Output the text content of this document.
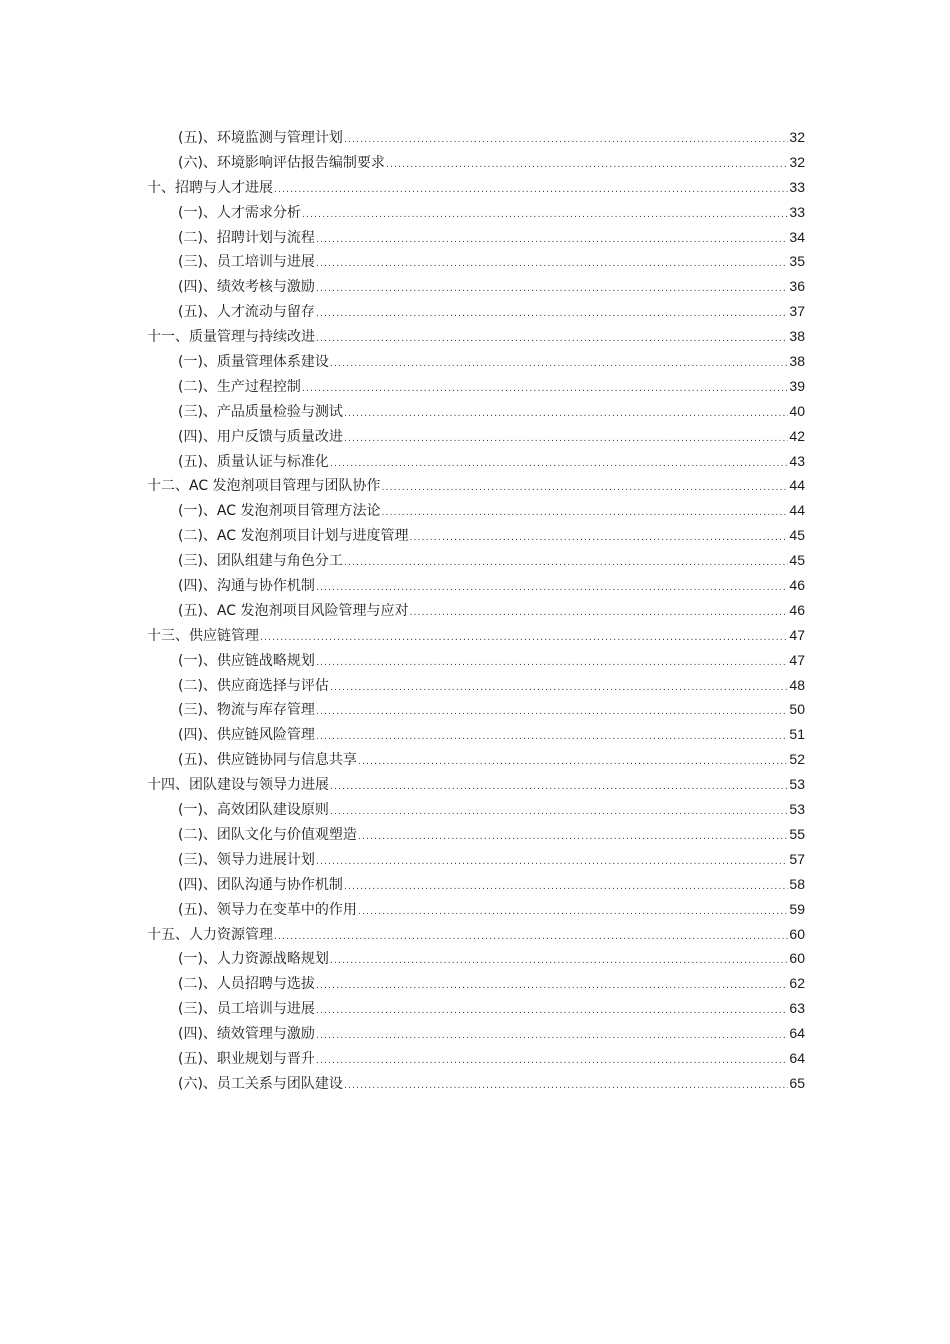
(五)、环境监测与管理计划 .....	32
(六)、环境影响评估报告编制要求 .....	32
十、招聘与人才进展 .....	33
(一)、人才需求分析 .....	33
(二)、招聘计划与流程 .....	34
(三)、员工培训与进展 .....	35
(四)、绩效考核与激励 .....	36
(五)、人才流动与留存 .....	37
十一、质量管理与持续改进 .....	38
(一)、质量管理体系建设 .....	38
(二)、生产过程控制 .....	39
(三)、产品质量检验与测试 .....	40
(四)、用户反馈与质量改进 .....	42
(五)、质量认证与标准化 .....	43
十二、AC 发泡剂项目管理与团队协作 .....	44
(一)、AC 发泡剂项目管理方法论 .....	44
(二)、AC 发泡剂项目计划与进度管理 .....	45
(三)、团队组建与角色分工 .....	45
(四)、沟通与协作机制 .....	46
(五)、AC 发泡剂项目风险管理与应对 .....	46
十三、供应链管理 .....	47
(一)、供应链战略规划 .....	47
(二)、供应商选择与评估 .....	48
(三)、物流与库存管理 .....	50
(四)、供应链风险管理 .....	51
(五)、供应链协同与信息共享 .....	52
十四、团队建设与领导力进展 .....	53
(一)、高效团队建设原则 .....	53
(二)、团队文化与价值观塑造 .....	55
(三)、领导力进展计划 .....	57
(四)、团队沟通与协作机制 .....	58
(五)、领导力在变革中的作用 .....	59
十五、人力资源管理 .....	60
(一)、人力资源战略规划 .....	60
(二)、人员招聘与选拔 .....	62
(三)、员工培训与进展 .....	63
(四)、绩效管理与激励 .....	64
(五)、职业规划与晋升 .....	64
(六)、员工关系与团队建设 .....	65
